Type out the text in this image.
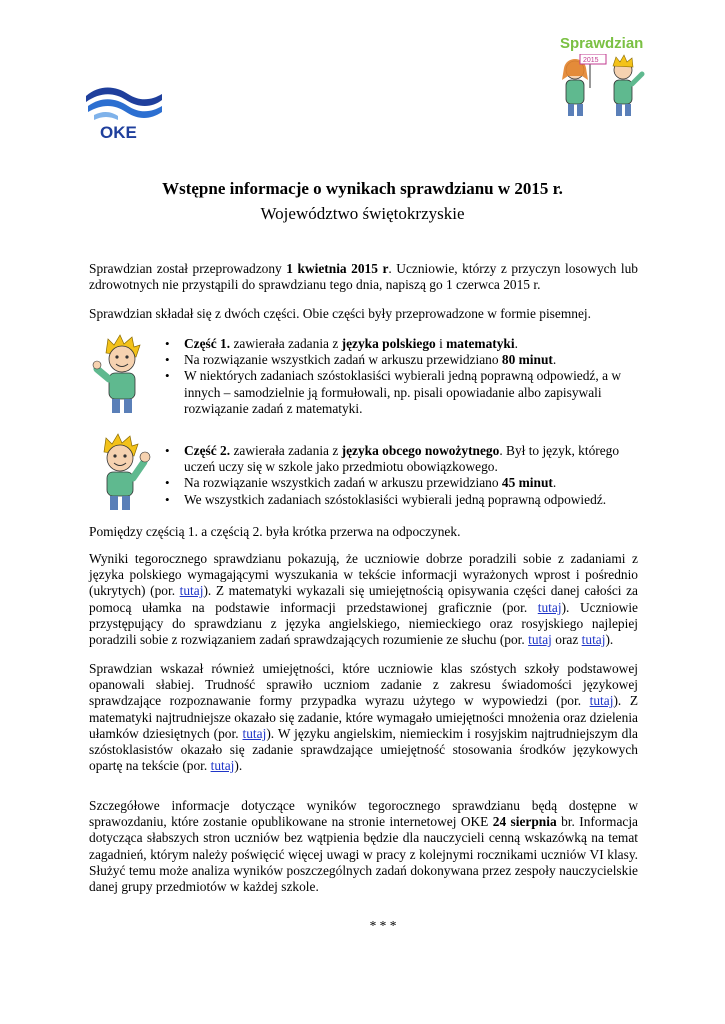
OKE
Sprawdzian
2015
Wstępne informacje o wynikach sprawdzianu w 2015 r.
Województwo świętokrzyskie
Sprawdzian został przeprowadzony 1 kwietnia 2015 r. Uczniowie, którzy z przyczyn losowych lub zdrowotnych nie przystąpili do sprawdzianu tego dnia, napiszą go 1 czerwca 2015 r.
Sprawdzian składał się z dwóch części. Obie części były przeprowadzone w formie pisemnej.
• Część 1. zawierała zadania z języka polskiego i matematyki.
• Na rozwiązanie wszystkich zadań w arkuszu przewidziano 80 minut.
• W niektórych zadaniach szóstoklasiści wybierali jedną poprawną odpowiedź, a w innych – samodzielnie ją formułowali, np. pisali opowiadanie albo zapisywali rozwiązanie zadań z matematyki.
• Część 2. zawierała zadania z języka obcego nowożytnego. Był to język, którego uczeń uczy się w szkole jako przedmiotu obowiązkowego.
• Na rozwiązanie wszystkich zadań w arkuszu przewidziano 45 minut.
• We wszystkich zadaniach szóstoklasiści wybierali jedną poprawną odpowiedź.
Pomiędzy częścią 1. a częścią 2. była krótka przerwa na odpoczynek.
Wyniki tegorocznego sprawdzianu pokazują, że uczniowie dobrze poradzili sobie z zadaniami z języka polskiego wymagającymi wyszukania w tekście informacji wyrażonych wprost i pośrednio (ukrytych) (por. tutaj). Z matematyki wykazali się umiejętnością opisywania części danej całości za pomocą ułamka na podstawie informacji przedstawionej graficznie (por. tutaj). Uczniowie przystępujący do sprawdzianu z języka angielskiego, niemieckiego oraz rosyjskiego najlepiej poradzili sobie z rozwiązaniem zadań sprawdzających rozumienie ze słuchu (por. tutaj oraz tutaj).
Sprawdzian wskazał również umiejętności, które uczniowie klas szóstych szkoły podstawowej opanowali słabiej. Trudność sprawiło uczniom zadanie z zakresu świadomości językowej sprawdzające rozpoznawanie formy przypadka wyrazu użytego w wypowiedzi (por. tutaj). Z matematyki najtrudniejsze okazało się zadanie, które wymagało umiejętności mnożenia oraz dzielenia ułamków dziesiętnych (por. tutaj). W języku angielskim, niemieckim i rosyjskim najtrudniejszym dla szóstoklasistów okazało się zadanie sprawdzające umiejętność stosowania środków językowych opartę na tekście (por. tutaj).
Szczegółowe informacje dotyczące wyników tegorocznego sprawdzianu będą dostępne w sprawozdaniu, które zostanie opublikowane na stronie internetowej OKE 24 sierpnia br. Informacja dotycząca słabszych stron uczniów bez wątpienia będzie dla nauczycieli cenną wskazówką na temat zagadnień, którym należy poświęcić więcej uwagi w pracy z kolejnymi rocznikami uczniów VI klasy. Służyć temu może analiza wyników poszczególnych zadań dokonywana przez zespoły nauczycielskie danej grupy przedmiotów w każdej szkole.
* * *
